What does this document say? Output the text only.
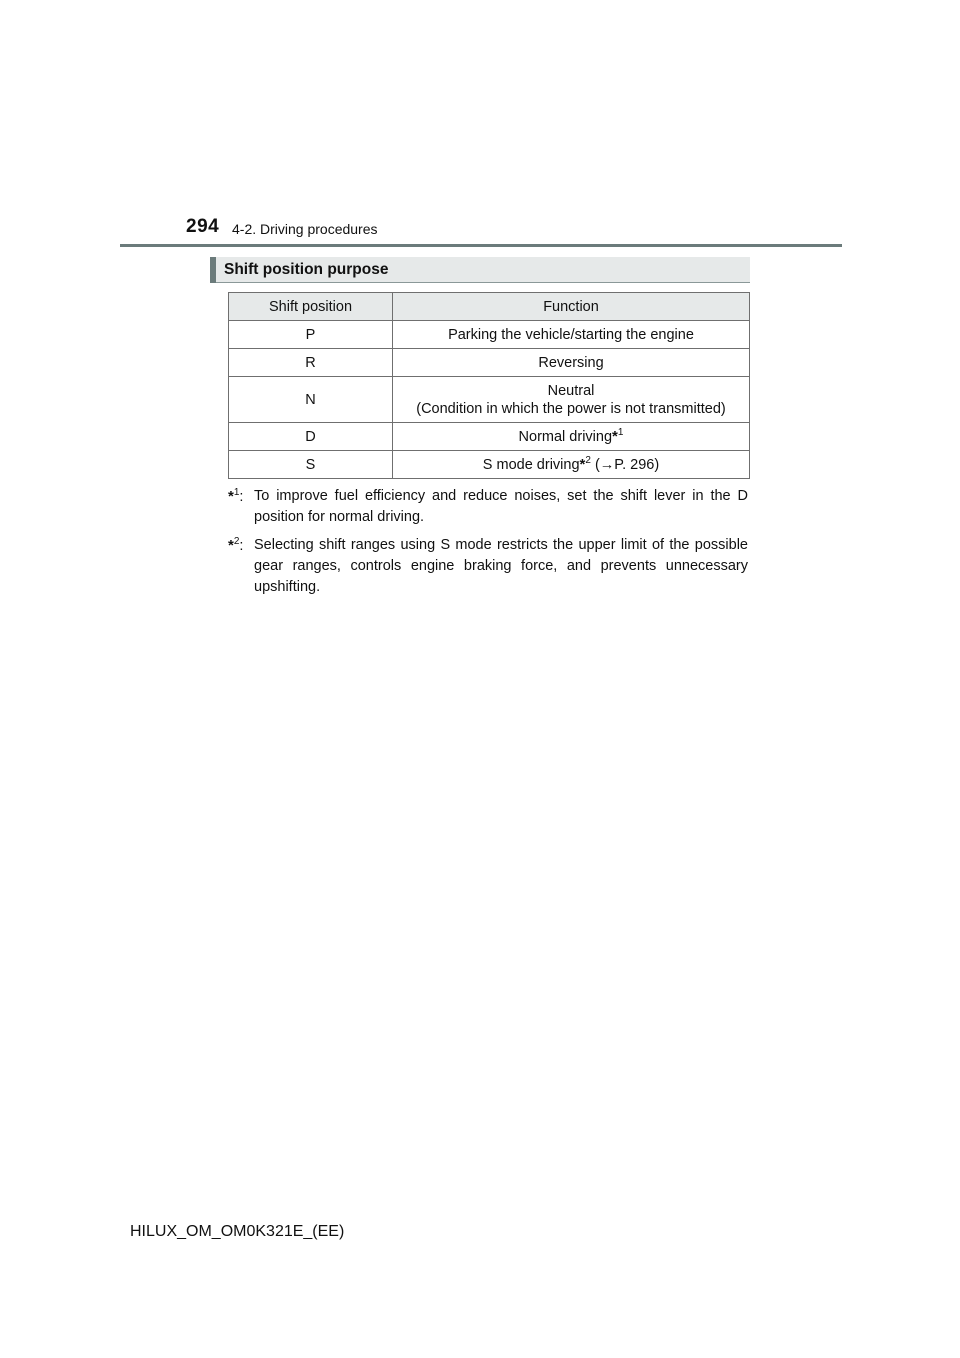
294 4-2. Driving procedures
Shift position purpose
Shift position	Function
P	Parking the vehicle/starting the engine
R	Reversing
N	Neutral
(Condition in which the power is not transmitted)
D	Normal driving*$^1$
S	S mode driving*$^2$ (→P. 296)
*$^1$: To improve fuel efficiency and reduce noises, set the shift lever in the D position for normal driving.
*$^2$: Selecting shift ranges using S mode restricts the upper limit of the possible gear ranges, controls engine braking force, and prevents unnecessary upshifting.
HILUX_OM_OM0K321E_(EE)
